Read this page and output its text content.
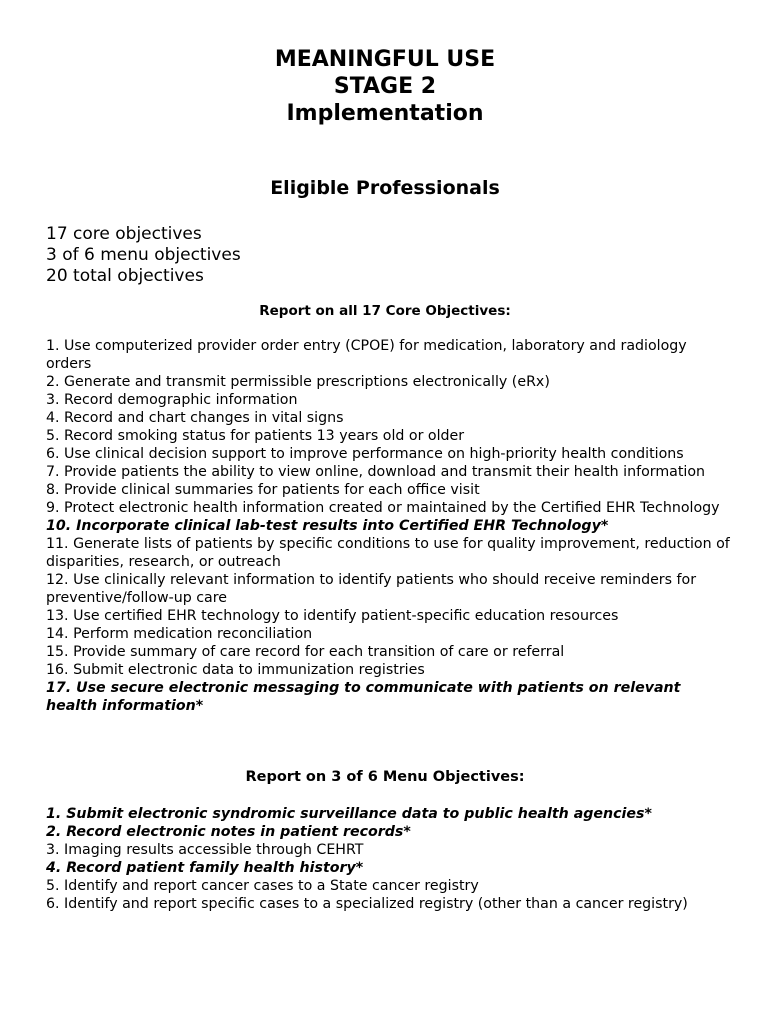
MEANINGFUL USE
STAGE 2
Implementation
Eligible Professionals
17 core objectives
3 of 6 menu objectives
20 total objectives
Report on all 17 Core Objectives:
1. Use computerized provider order entry (CPOE) for medication, laboratory and radiology orders
2. Generate and transmit permissible prescriptions electronically (eRx)
3. Record demographic information
4. Record and chart changes in vital signs
5. Record smoking status for patients 13 years old or older
6. Use clinical decision support to improve performance on high-priority health conditions
7. Provide patients the ability to view online, download and transmit their health information
8. Provide clinical summaries for patients for each office visit
9. Protect electronic health information created or maintained by the Certified EHR Technology
10. Incorporate clinical lab-test results into Certified EHR Technology*
11. Generate lists of patients by specific conditions to use for quality improvement, reduction of disparities, research, or outreach
12. Use clinically relevant information to identify patients who should receive reminders for preventive/follow-up care
13. Use certified EHR technology to identify patient-specific education resources
14. Perform medication reconciliation
15. Provide summary of care record for each transition of care or referral
16. Submit electronic data to immunization registries
17. Use secure electronic messaging to communicate with patients on relevant health information*
Report on 3 of 6 Menu Objectives:
1. Submit electronic syndromic surveillance data to public health agencies*
2. Record electronic notes in patient records*
3. Imaging results accessible through CEHRT
4. Record patient family health history*
5. Identify and report cancer cases to a State cancer registry
6. Identify and report specific cases to a specialized registry (other than a cancer registry)
